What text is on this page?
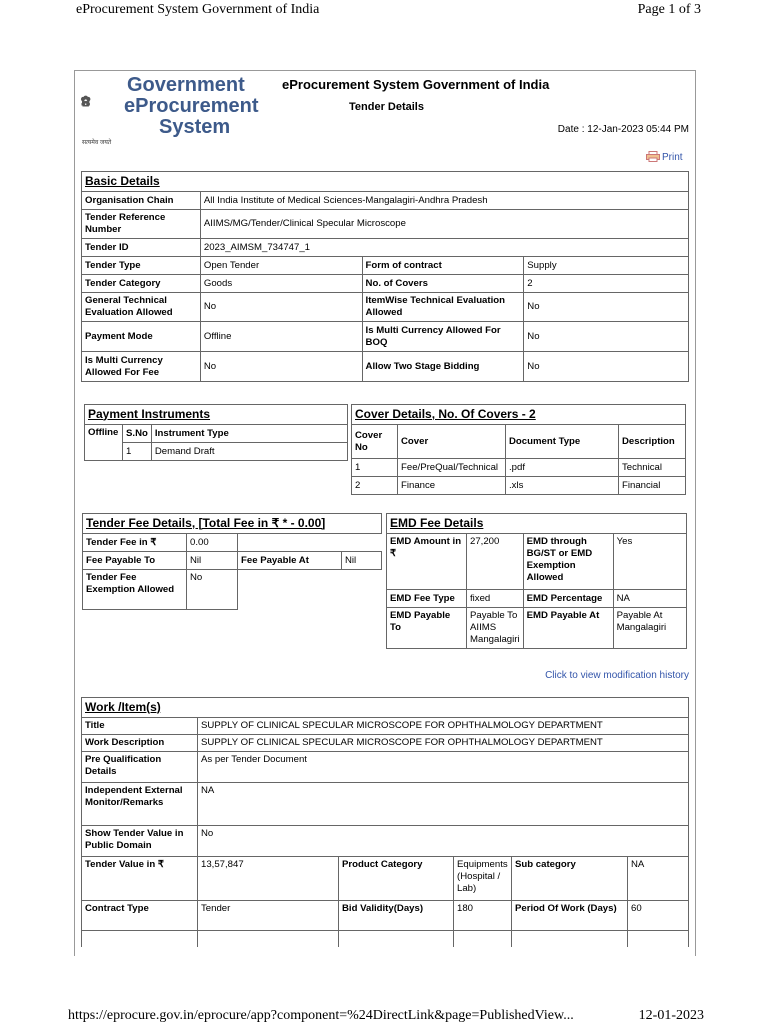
eProcurement System Government of India	Page 1 of 3
Government
eProcurement
System
सत्यमेव जयते
eProcurement System Government of India
Tender Details
Date : 12-Jan-2023 05:44 PM
Print
Basic Details			
Organisation Chain	All India Institute of Medical Sciences-Mangalagiri-Andhra Pradesh		
Tender Reference Number	AIIMS/MG/Tender/Clinical Specular Microscope		
Tender ID	2023_AIMSM_734747_1		
Tender Type	Open Tender	Form of contract	Supply
Tender Category	Goods	No. of Covers	2
General Technical Evaluation Allowed	No	ItemWise Technical Evaluation Allowed	No
Payment Mode	Offline	Is Multi Currency Allowed For BOQ	No
Is Multi Currency Allowed For Fee	No	Allow Two Stage Bidding	No
Payment Instruments		
Offline	S.No	Instrument Type
	1	Demand Draft
Cover Details, No. Of Covers - 2			
Cover No	Cover	Document Type	Description
1	Fee/PreQual/Technical	.pdf	Technical
2	Finance	.xls	Financial
Tender Fee Details, [Total Fee in ₹ * - 0.00]			
Tender Fee in ₹	0.00		
Fee Payable To	Nil	Fee Payable At	Nil
Tender Fee Exemption Allowed	No		
EMD Fee Details			
EMD Amount in ₹	27,200	EMD through BG/ST or EMD Exemption Allowed	Yes
EMD Fee Type	fixed	EMD Percentage	NA
EMD Payable To	Payable To AIIMS Mangalagiri	EMD Payable At	Payable At Mangalagiri
Click to view modification history
Work /Item(s)					
Title	SUPPLY OF CLINICAL SPECULAR MICROSCOPE FOR OPHTHALMOLOGY DEPARTMENT				
Work Description	SUPPLY OF CLINICAL SPECULAR MICROSCOPE FOR OPHTHALMOLOGY DEPARTMENT				
Pre Qualification Details	As per Tender Document				
Independent External Monitor/Remarks	NA				
Show Tender Value in Public Domain	No				
Tender Value in ₹	13,57,847	Product Category	Equipments (Hospital / Lab)	Sub category	NA
Contract Type	Tender	Bid Validity(Days)	180	Period Of Work (Days)	60

https://eprocure.gov.in/eprocure/app?component=%24DirectLink&page=PublishedView...	12-01-2023
